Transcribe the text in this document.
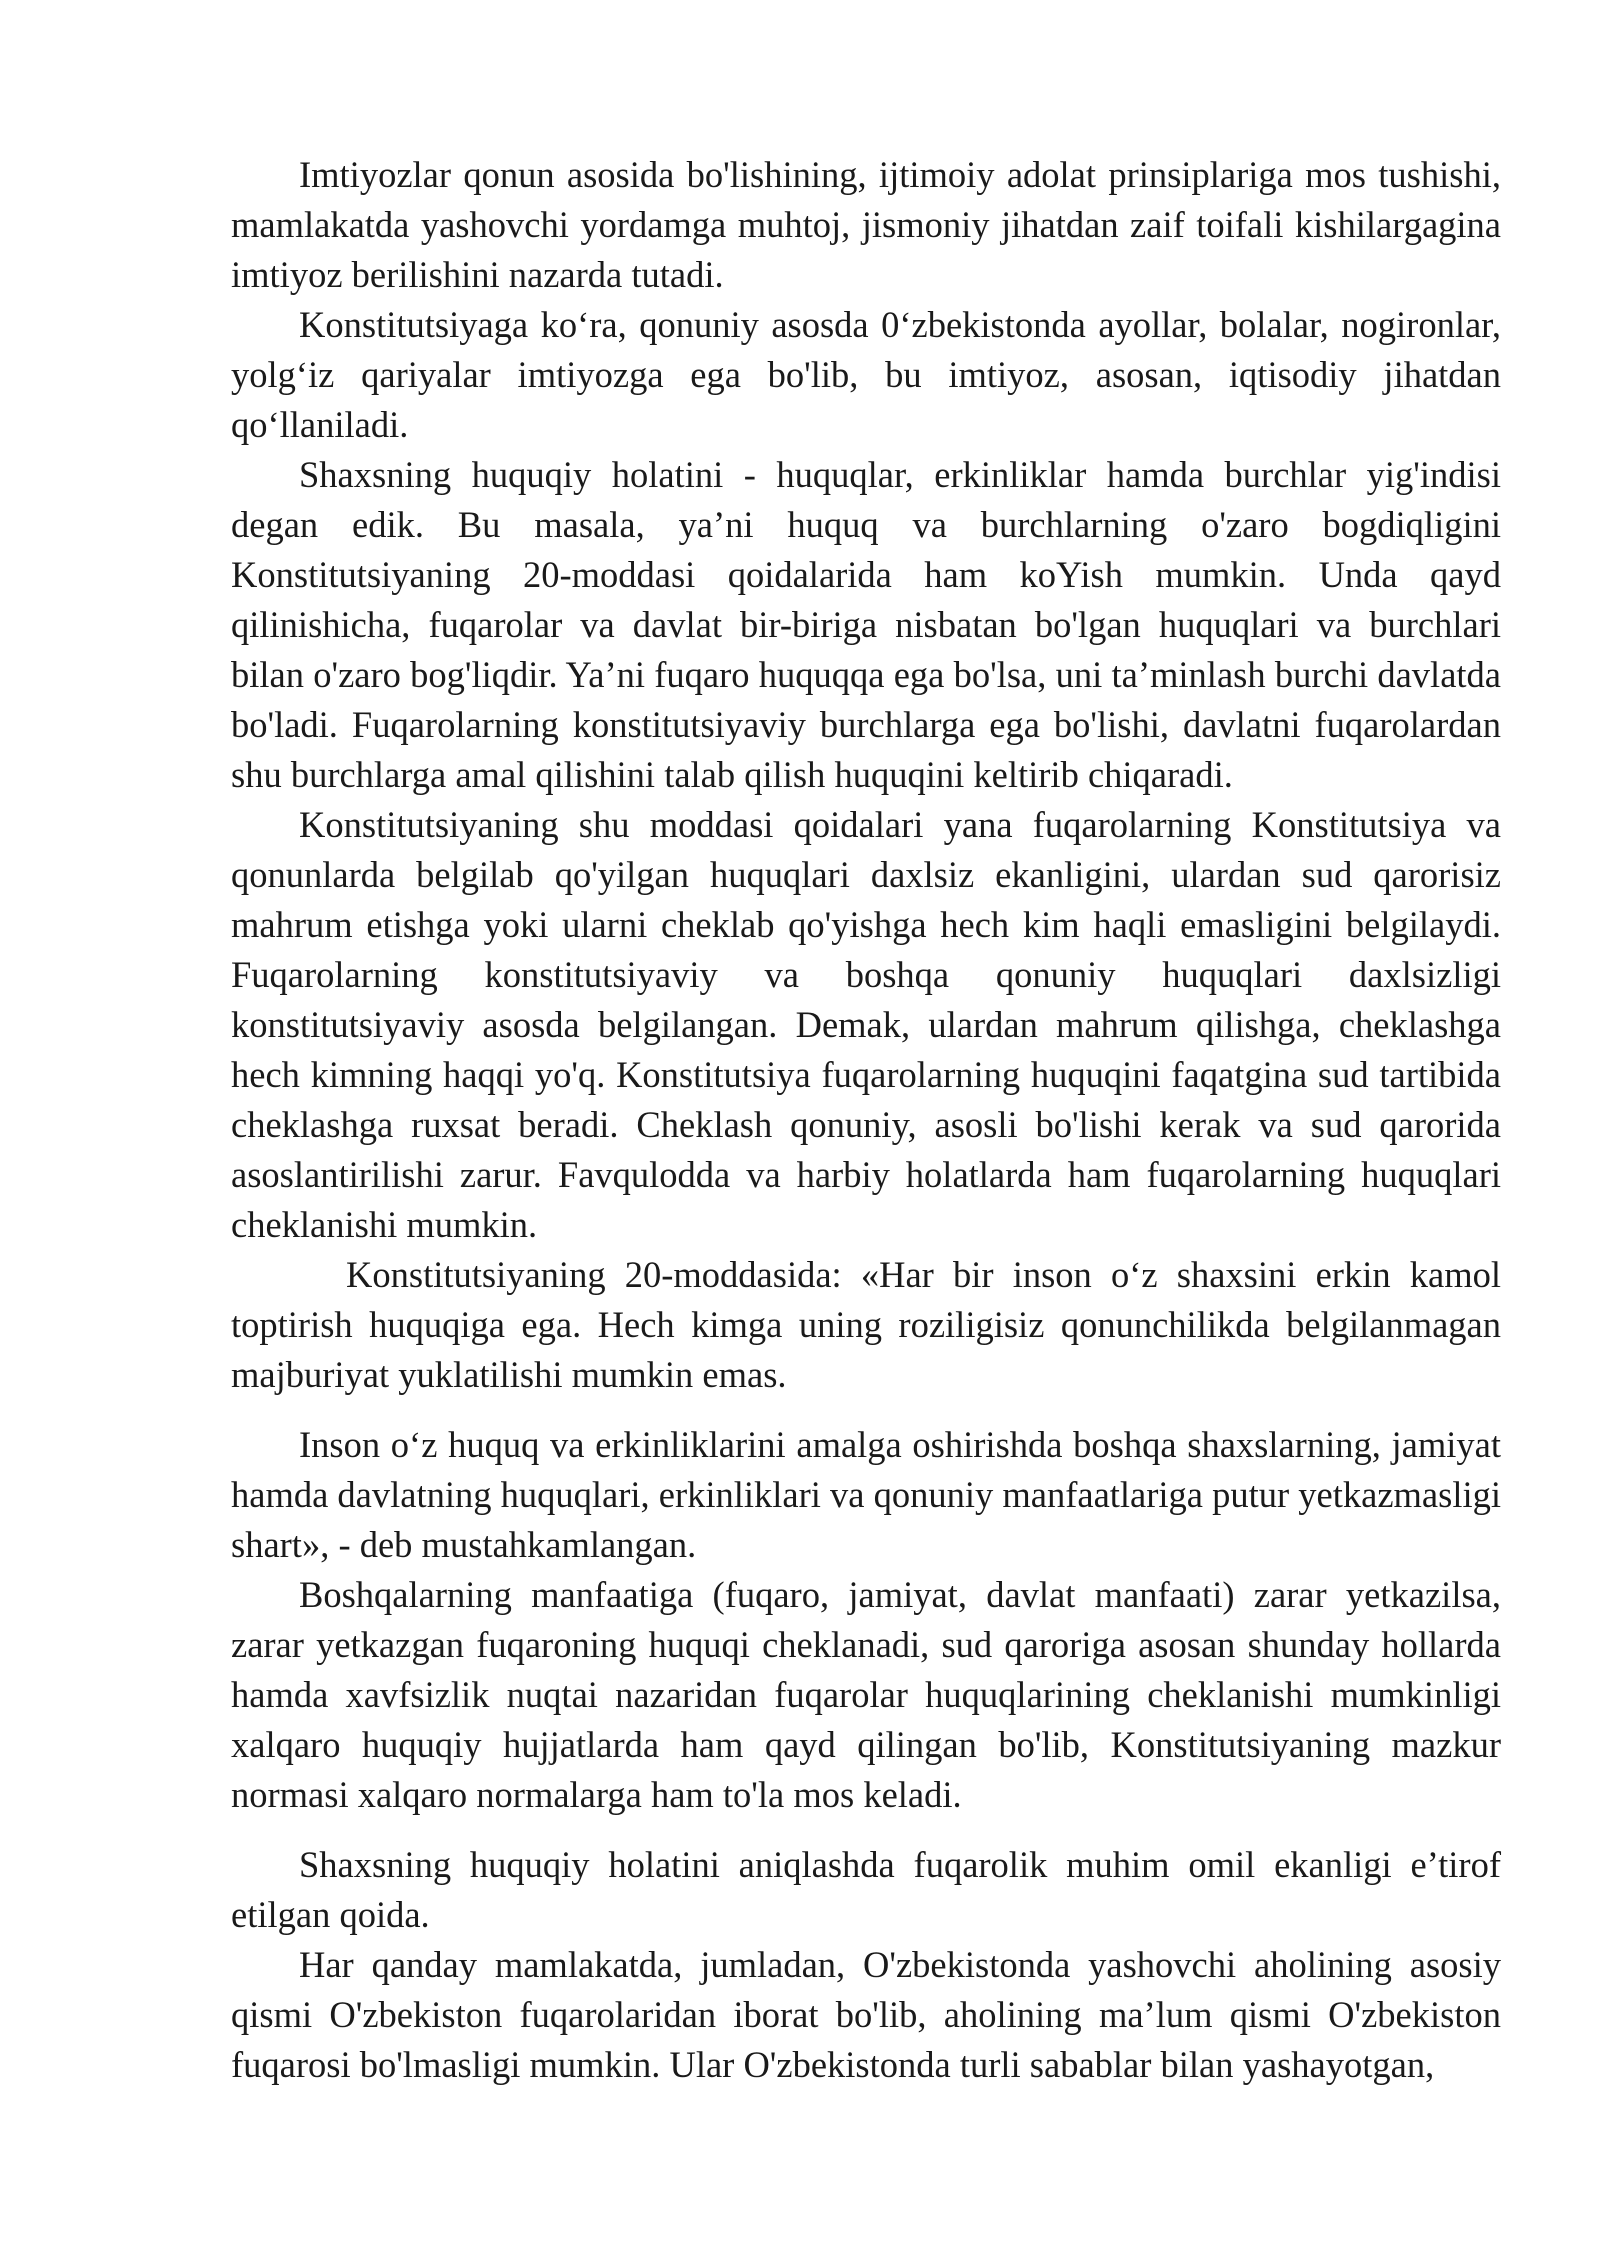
Imtiyozlar qonun asosida bo'lishining, ijtimoiy adolat prinsiplariga mos tushishi, mamlakatda yashovchi yordamga muhtoj, jismoniy jihatdan zaif toifali kishilargagina imtiyoz berilishini nazarda tutadi.

Konstitutsiyaga ko‘ra, qonuniy asosda 0‘zbekistonda ayollar, bolalar, nogironlar, yolg‘iz qariyalar imtiyozga ega bo'lib, bu imtiyoz, asosan, iqtisodiy jihatdan qo‘llaniladi.

Shaxsning huquqiy holatini - huquqlar, erkinliklar hamda burchlar yig'indisi degan edik. Bu masala, ya’ni huquq va burchlarning o'zaro bogdiqligini Konstitutsiyaning 20-moddasi qoidalarida ham koYish mumkin. Unda qayd qilinishicha, fuqarolar va davlat bir-biriga nisbatan bo'lgan huquqlari va burchlari bilan o'zaro bog'liqdir. Ya’ni fuqaro huquqqa ega bo'lsa, uni ta’minlash burchi davlatda bo'ladi. Fuqarolarning konstitutsiyaviy burchlarga ega bo'lishi, davlatni fuqarolardan shu burchlarga amal qilishini talab qilish huquqini keltirib chiqaradi.

Konstitutsiyaning shu moddasi qoidalari yana fuqarolarning Konstitutsiya va qonunlarda belgilab qo'yilgan huquqlari daxlsiz ekanligini, ulardan sud qarorisiz mahrum etishga yoki ularni cheklab qo'yishga hech kim haqli emasligini belgilaydi. Fuqarolarning konstitutsiyaviy va boshqa qonuniy huquqlari daxlsizligi konstitutsiyaviy asosda belgilangan. Demak, ulardan mahrum qilishga, cheklashga hech kimning haqqi yo'q. Konstitutsiya fuqarolarning huquqini faqatgina sud tartibida cheklashga ruxsat beradi. Cheklash qonuniy, asosli bo'lishi kerak va sud qarorida asoslantirilishi zarur. Favqulodda va harbiy holatlarda ham fuqarolarning huquqlari cheklanishi mumkin.

Konstitutsiyaning 20-moddasida: «Har bir inson o‘z shaxsini erkin kamol toptirish huquqiga ega. Hech kimga uning roziligisiz qonunchilikda belgilanmagan majburiyat yuklatilishi mumkin emas.

Inson o‘z huquq va erkinliklarini amalga oshirishda boshqa shaxslarning, jamiyat hamda davlatning huquqlari, erkinliklari va qonuniy manfaatlariga putur yetkazmasligi shart», - deb mustahkamlangan.

Boshqalarning manfaatiga (fuqaro, jamiyat, davlat manfaati) zarar yetkazilsa, zarar yetkazgan fuqaroning huquqi cheklanadi, sud qaroriga asosan shunday hollarda hamda xavfsizlik nuqtai nazaridan fuqarolar huquqlarining cheklanishi mumkinligi xalqaro huquqiy hujjatlarda ham qayd qilingan bo'lib, Konstitutsiyaning mazkur normasi xalqaro normalarga ham to'la mos keladi.

Shaxsning huquqiy holatini aniqlashda fuqarolik muhim omil ekanligi e’tirof etilgan qoida.

Har qanday mamlakatda, jumladan, O'zbekistonda yashovchi aholining asosiy qismi O'zbekiston fuqarolaridan iborat bo'lib, aholining ma’lum qismi O'zbekiston fuqarosi bo'lmasligi mumkin. Ular O'zbekistonda turli sabablar bilan yashayotgan,
